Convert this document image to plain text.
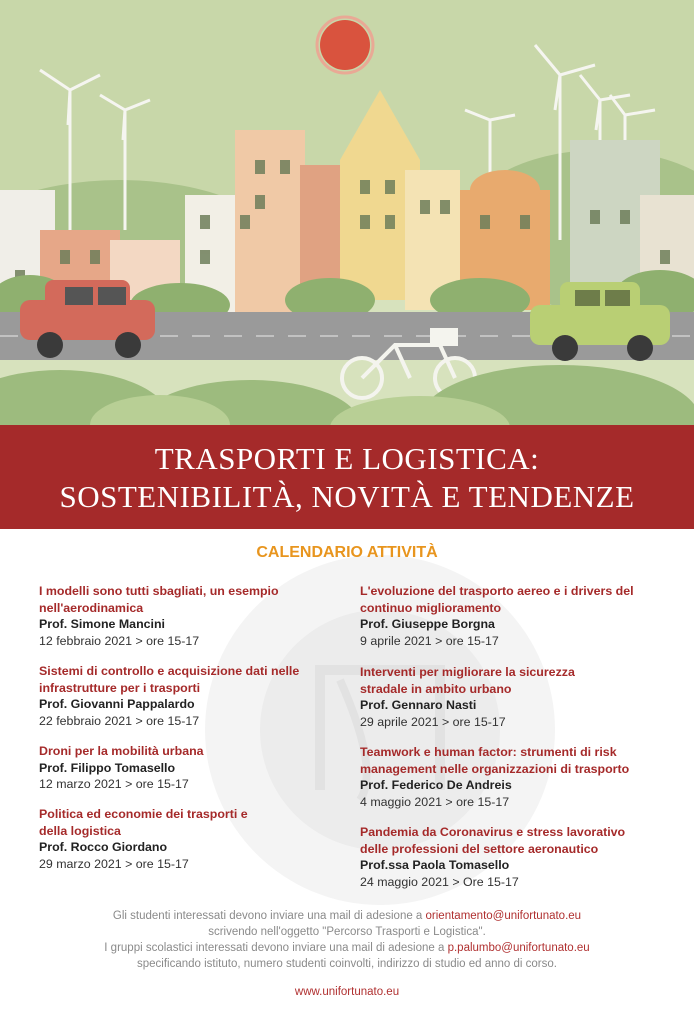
TRASPORTI E LOGISTICA:
SOSTENIBILITÀ, NOVITÀ E TENDENZE
CALENDARIO ATTIVITÀ
I modelli sono tutti sbagliati, un esempio nell'aerodinamica
Prof. Simone Mancini
12 febbraio 2021 > ore 15-17
Sistemi di controllo e acquisizione dati nelle infrastrutture per i trasporti
Prof. Giovanni Pappalardo
22 febbraio 2021 > ore 15-17
Droni per la mobilità urbana
Prof. Filippo Tomasello
12 marzo 2021 > ore 15-17
Politica ed economie dei trasporti e della logistica
Prof. Rocco Giordano
29 marzo 2021 > ore 15-17
L'evoluzione del trasporto aereo e i drivers del continuo miglioramento
Prof. Giuseppe Borgna
9 aprile 2021 > ore 15-17
Interventi per migliorare la sicurezza stradale in ambito urbano
Prof. Gennaro Nasti
29 aprile 2021 > ore 15-17
Teamwork e human factor: strumenti di risk management nelle organizzazioni di trasporto
Prof. Federico De Andreis
4 maggio 2021 > ore 15-17
Pandemia da Coronavirus e stress lavorativo delle professioni del settore aeronautico
Prof.ssa Paola Tomasello
24 maggio 2021 > Ore 15-17
Gli studenti interessati devono inviare una mail di adesione a orientamento@unifortunato.eu
scrivendo nell'oggetto "Percorso Trasporti e Logistica".
I gruppi scolastici interessati devono inviare una mail di adesione a p.palumbo@unifortunato.eu
specificando istituto, numero studenti coinvolti, indirizzo di studio ed anno di corso.
www.unifortunato.eu
